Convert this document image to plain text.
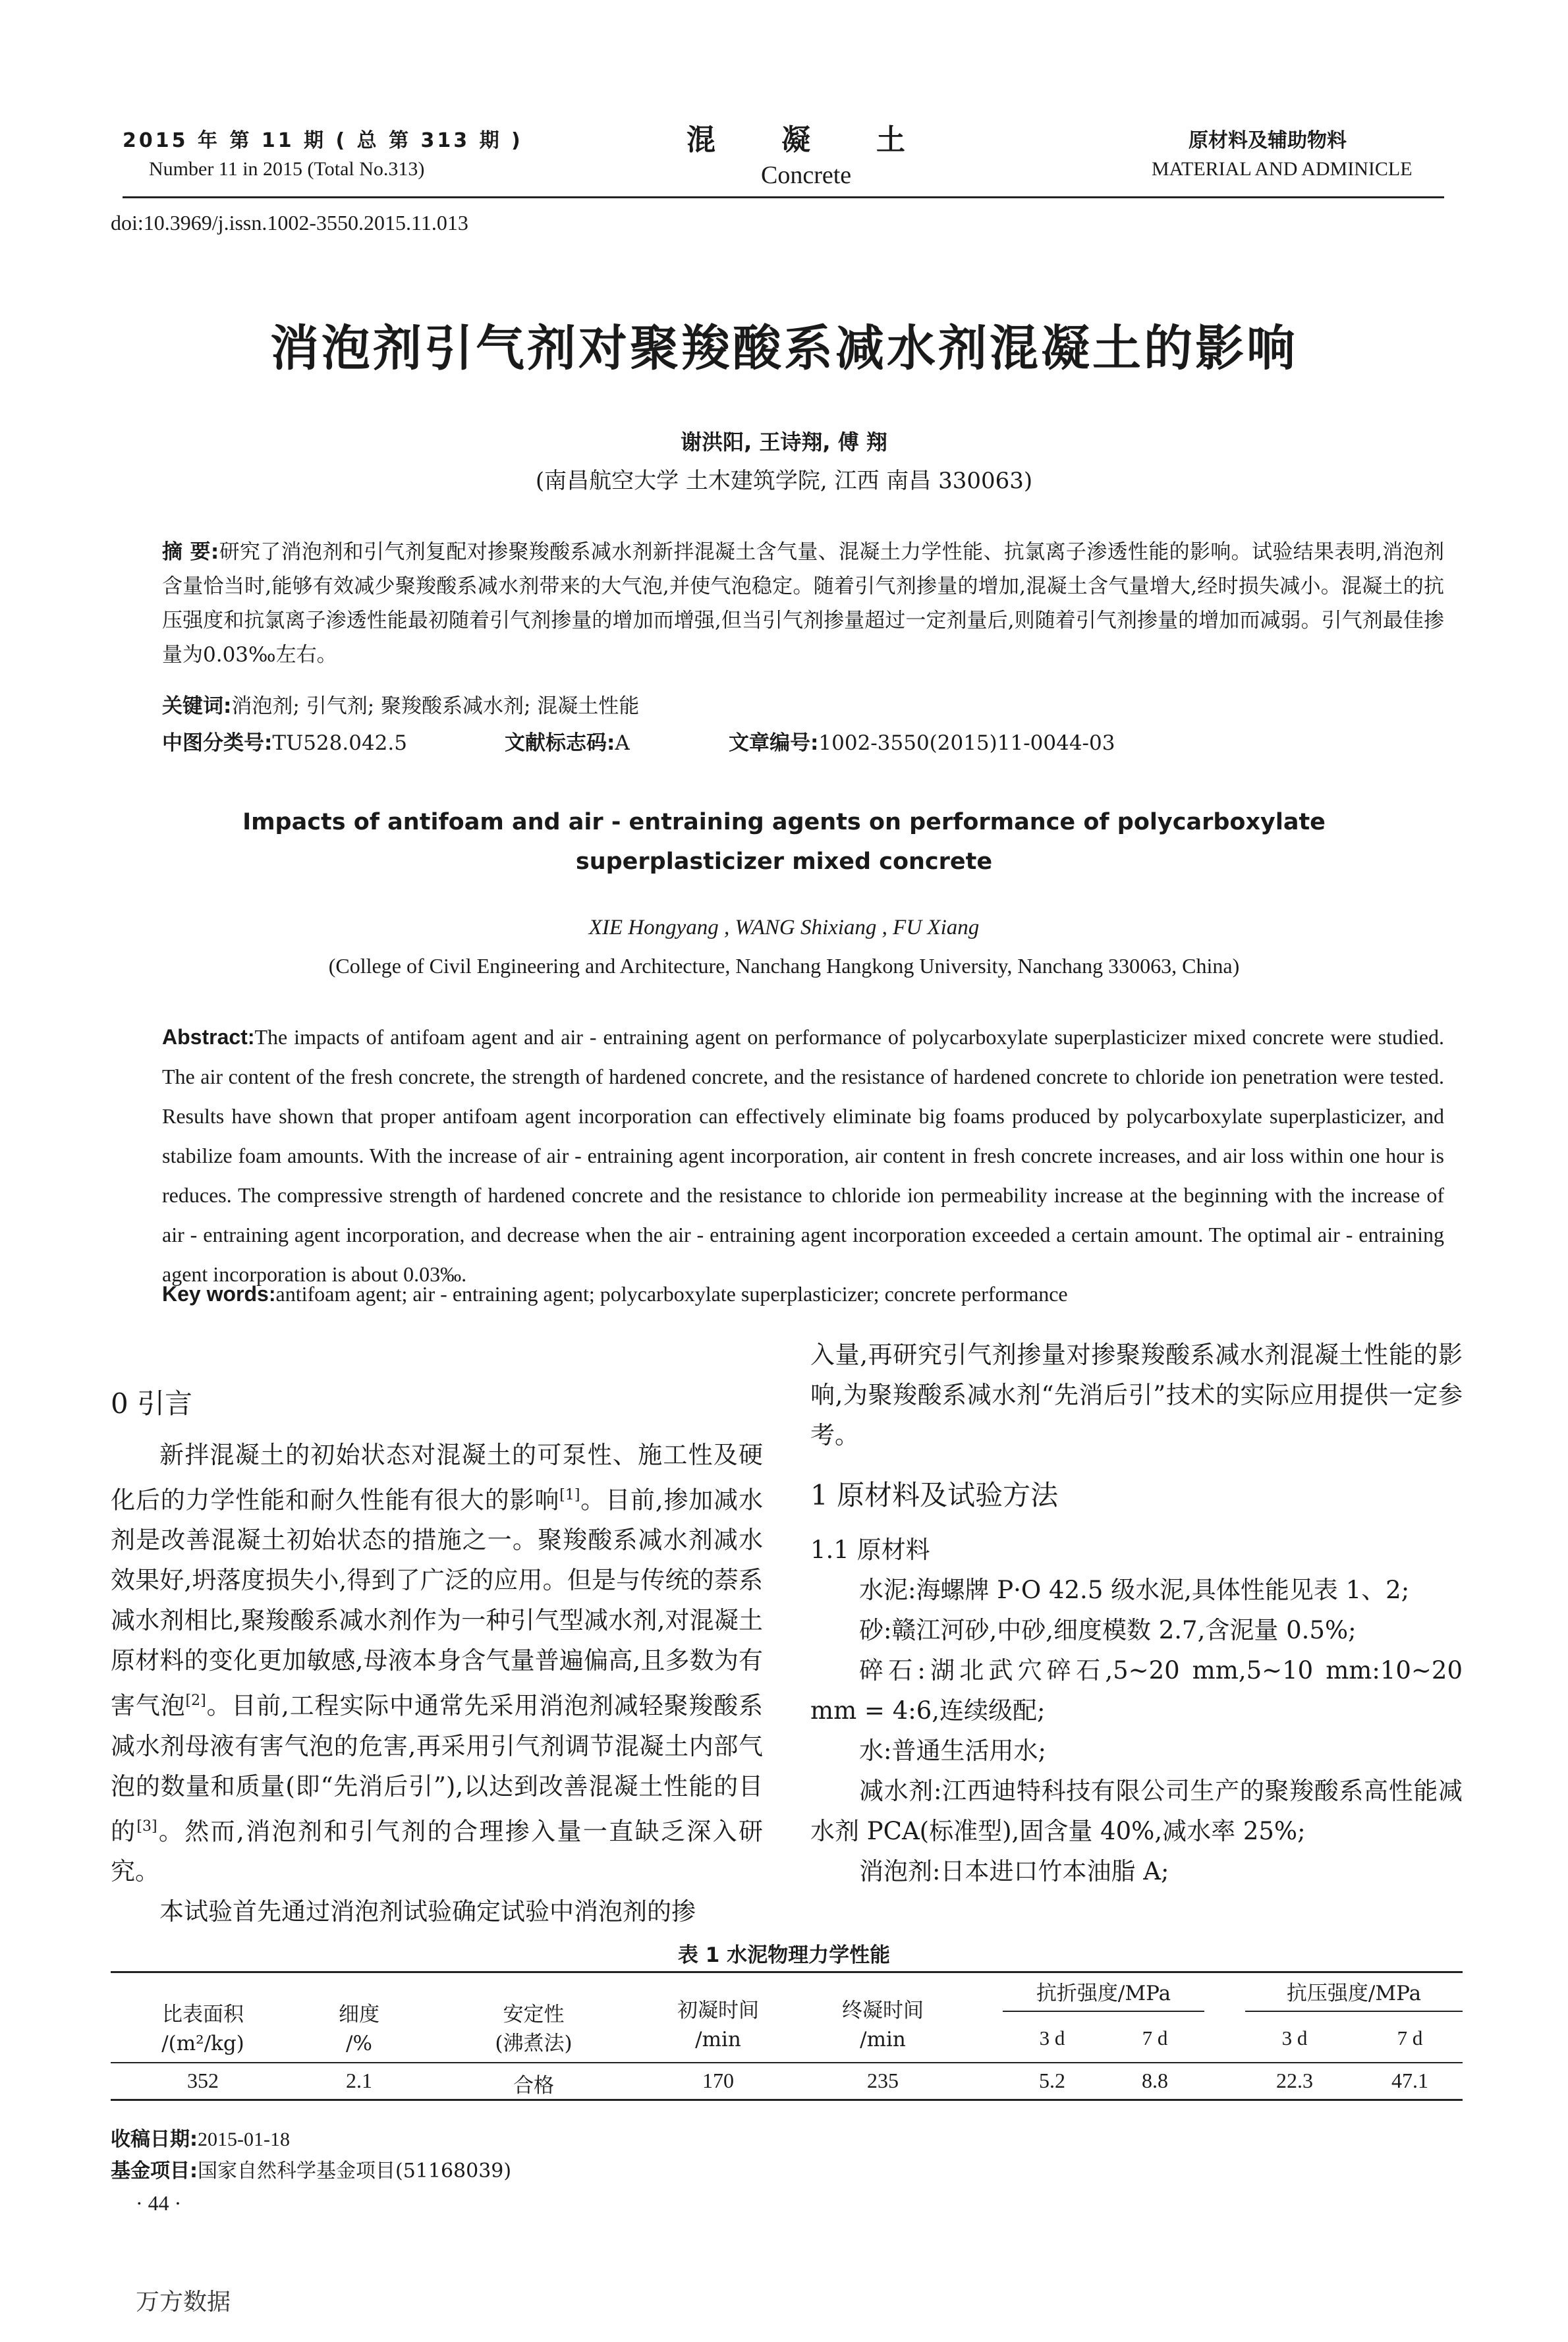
2015 年 第 11 期 ( 总 第 313 期 )
Number 11 in 2015 (Total No.313)
混凝土
Concrete
原材料及辅助物料
MATERIAL AND ADMINICLE
doi:10.3969/j.issn.1002-3550.2015.11.013
消泡剂引气剂对聚羧酸系减水剂混凝土的影响
谢洪阳, 王诗翔, 傅 翔
(南昌航空大学 土木建筑学院, 江西 南昌 330063)
摘 要:研究了消泡剂和引气剂复配对掺聚羧酸系减水剂新拌混凝土含气量、混凝土力学性能、抗氯离子渗透性能的影响。试验结果表明,消泡剂含量恰当时,能够有效减少聚羧酸系减水剂带来的大气泡,并使气泡稳定。随着引气剂掺量的增加,混凝土含气量增大,经时损失减小。混凝土的抗压强度和抗氯离子渗透性能最初随着引气剂掺量的增加而增强,但当引气剂掺量超过一定剂量后,则随着引气剂掺量的增加而减弱。引气剂最佳掺量为0.03‰左右。
关键词:消泡剂; 引气剂; 聚羧酸系减水剂; 混凝土性能
中图分类号:TU528.042.5	文献标志码:A	文章编号:1002-3550(2015)11-0044-03
Impacts of antifoam and air - entraining agents on performance of polycarboxylate
superplasticizer mixed concrete
XIE Hongyang , WANG Shixiang , FU Xiang
(College of Civil Engineering and Architecture, Nanchang Hangkong University, Nanchang 330063, China)
Abstract:The impacts of antifoam agent and air - entraining agent on performance of polycarboxylate superplasticizer mixed concrete were studied. The air content of the fresh concrete, the strength of hardened concrete, and the resistance of hardened concrete to chloride ion penetration were tested. Results have shown that proper antifoam agent incorporation can effectively eliminate big foams produced by polycarboxylate superplasticizer, and stabilize foam amounts. With the increase of air - entraining agent incorporation, air content in fresh concrete increases, and air loss within one hour is reduces. The compressive strength of hardened concrete and the resistance to chloride ion permeability increase at the beginning with the increase of air - entraining agent incorporation, and decrease when the air - entraining agent incorporation exceeded a certain amount. The optimal air - entraining agent incorporation is about 0.03‰.
Key words:antifoam agent; air - entraining agent; polycarboxylate superplasticizer; concrete performance
0 引言

新拌混凝土的初始状态对混凝土的可泵性、施工性及硬化后的力学性能和耐久性能有很大的影响[1]。目前,掺加减水剂是改善混凝土初始状态的措施之一。聚羧酸系减水剂减水效果好,坍落度损失小,得到了广泛的应用。但是与传统的萘系减水剂相比,聚羧酸系减水剂作为一种引气型减水剂,对混凝土原材料的变化更加敏感,母液本身含气量普遍偏高,且多数为有害气泡[2]。目前,工程实际中通常先采用消泡剂减轻聚羧酸系减水剂母液有害气泡的危害,再采用引气剂调节混凝土内部气泡的数量和质量(即“先消后引”),以达到改善混凝土性能的目的[3]。然而,消泡剂和引气剂的合理掺入量一直缺乏深入研究。

本试验首先通过消泡剂试验确定试验中消泡剂的掺

入量,再研究引气剂掺量对掺聚羧酸系减水剂混凝土性能的影响,为聚羧酸系减水剂“先消后引”技术的实际应用提供一定参考。

1 原材料及试验方法
1.1 原材料

水泥:海螺牌 P·O 42.5 级水泥,具体性能见表 1、2;

砂:赣江河砂,中砂,细度模数 2.7,含泥量 0.5%;

碎石:湖北武穴碎石,5~20 mm,5~10 mm:10~20 mm = 4:6,连续级配;

水:普通生活用水;

减水剂:江西迪特科技有限公司生产的聚羧酸系高性能减水剂 PCA(标准型),固含量 40%,减水率 25%;

消泡剂:日本进口竹本油脂 A;

表 1 水泥物理力学性能
比表面积
/(m²/kg)
细度
/%
安定性
(沸煮法)
初凝时间
/min
终凝时间
/min
抗折强度/MPa	抗压强度/MPa
3 d	7 d	3 d	7 d
352	2.1	合格	170	235	5.2	8.8	22.3	47.1
收稿日期:2015-01-18
基金项目:国家自然科学基金项目(51168039)
· 44 ·
万方数据
